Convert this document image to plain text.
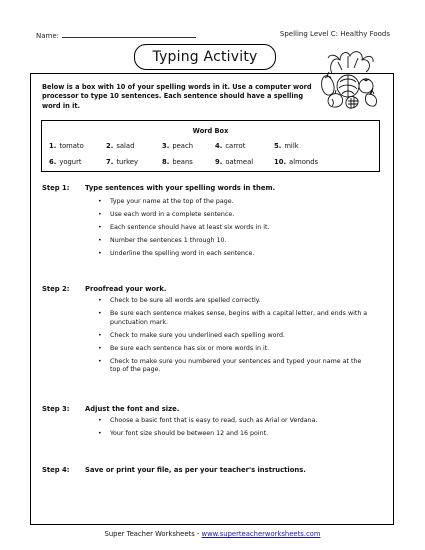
Name:	Spelling Level C: Healthy Foods
Typing Activity
Below is a box with 10 of your spelling words in it. Use a computer word processor to type 10 sentences. Each sentence should have a spelling word in it.
Word Box
1. tomato	2. salad	3. peach	4. carrot	5. milk
6. yogurt	7. turkey	8. beans	9. oatmeal	10. almonds
Step 1: Type sentences with your spelling words in them.
• Type your name at the top of the page.
• Use each word in a complete sentence.
• Each sentence should have at least six words in it.
• Number the sentences 1 through 10.
• Underline the spelling word in each sentence.
Step 2: Proofread your work.
• Check to be sure all words are spelled correctly.
• Be sure each sentence makes sense, begins with a capital letter, and ends with a punctuation mark.
• Check to make sure you underlined each spelling word.
• Be sure each sentence has six or more words in it.
• Check to make sure you numbered your sentences and typed your name at the top of the page.
Step 3: Adjust the font and size.
• Choose a basic font that is easy to read, such as Arial or Verdana.
• Your font size should be between 12 and 16 point.
Step 4: Save or print your file, as per your teacher's instructions.
Super Teacher Worksheets - www.superteacherworksheets.com
